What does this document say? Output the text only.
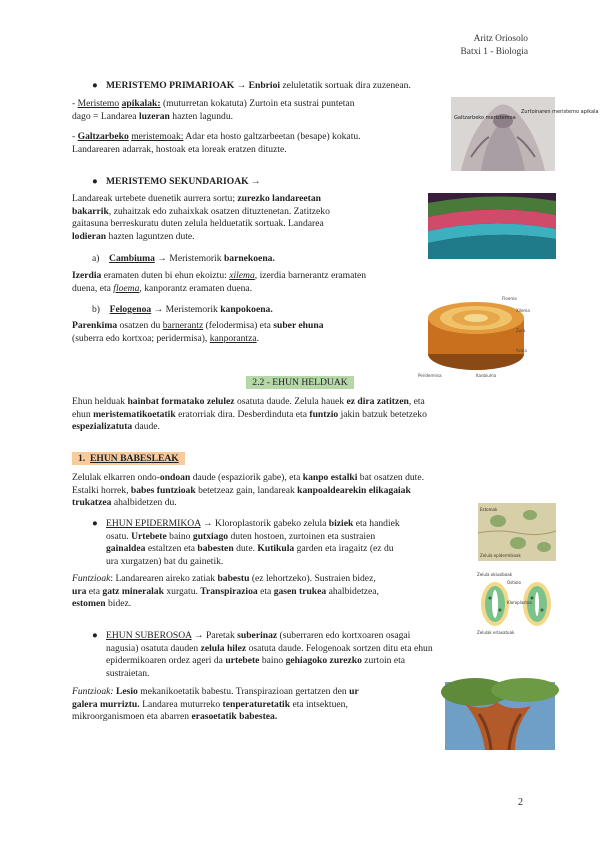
Aritz Oriosolo
Batxi 1 - Biologia
● MERISTEMO PRIMARIOAK → Enbrioi zeluletatik sortuak dira zuzenean.

- Meristemo apikalak: (muturretan kokatuta) Zurtoin eta sustrai puntetan

dago = Landarea luzeran hazten lagundu.

- Galtzarbeko meristemoak: Adar eta hosto galtzarbeetan (besape) kokatu.

Landarearen adarrak, hostoak eta loreak eratzen dituzte.

Galtzarbeko meristemoa
Zurtoinaren meristemo apikala
● MERISTEMO SEKUNDARIOAK →

Landareak urtebete duenetik aurrera sortu; zurezko landareetan

bakarrik, zuhaitzak edo zuhaixkak osatzen dituztenetan. Zatitzeko

gaitasuna berreskuratu duten zelula helduetatik sortuak. Landarea

lodieran hazten laguntzen dute.

a) Cambiuma → Meristemorik barnekoena.

Izerdia eramaten duten bi ehun ekoiztu: xilema, izerdia barnerantz eramaten

duena, eta floema, kanporantz eramaten duena.

b) Felogenoa → Meristemorik kanpokoena.

Parenkima osatzen du barnerantz (felodermisa) eta suber ehuna

(suberra edo kortxoa; peridermisa), kanporantza.

Peridermisa
Floema
Xilema
Zura
Kanbiuma
Azala
2.2 - EHUN HELDUAK

Ehun helduak hainbat formatako zelulez osatuta daude. Zelula hauek ez dira zatitzen, eta

ehun meristematikoetatik eratorriak dira. Desberdinduta eta funtzio jakin batzuk betetzeko

espezializatuta daude.

1. EHUN BABESLEAK

Zelulak elkarren ondo-ondoan daude (espaziorik gabe), eta kanpo estalki bat osatzen dute.

Estalki horrek, babes funtzioak betetzeaz gain, landareak kanpoaldearekin elikagaiak

trukatzea ahalbidetzen du.

● EHUN EPIDERMIKOA → Kloroplastorik gabeko zelula biziek eta handiek

osatu. Urtebete baino gutxiago duten hostoen, zurtoinen eta sustraien

gainaldea estaltzen eta babesten dute. Kutikula garden eta iragaitz (ez du

ura xurgatzen) bat du gainetik.

Estomak
Zelula epidermikoak

Funtzioak: Landarearen aireko zatiak babestu (ez lehortzeko). Sustraien bidez,

ura eta gatz mineralak xurgatu. Transpirazioa eta gasen trukea ahalbidetzea,

estomen bidez.

Zelula oklusiboak
Ostiolo
Kloroplastoa
Zelulak erlaxatuak

● EHUN SUBEROSOA → Paretak suberinaz (suberraren edo kortxoaren osagai

nagusia) osatuta dauden zelula hilez osatuta daude. Felogenoak sortzen ditu eta ehun

epidermikoaren ordez ageri da urtebete baino gehiagoko zurezko zurtoin eta

sustraietan.

Funtzioak: Lesio mekanikoetatik babestu. Transpirazioan gertatzen den ur

galera murriztu. Landarea muturreko tenperaturetatik eta intsektuen,

mikroorganismoen eta abarren erasoetatik babestea.

2
